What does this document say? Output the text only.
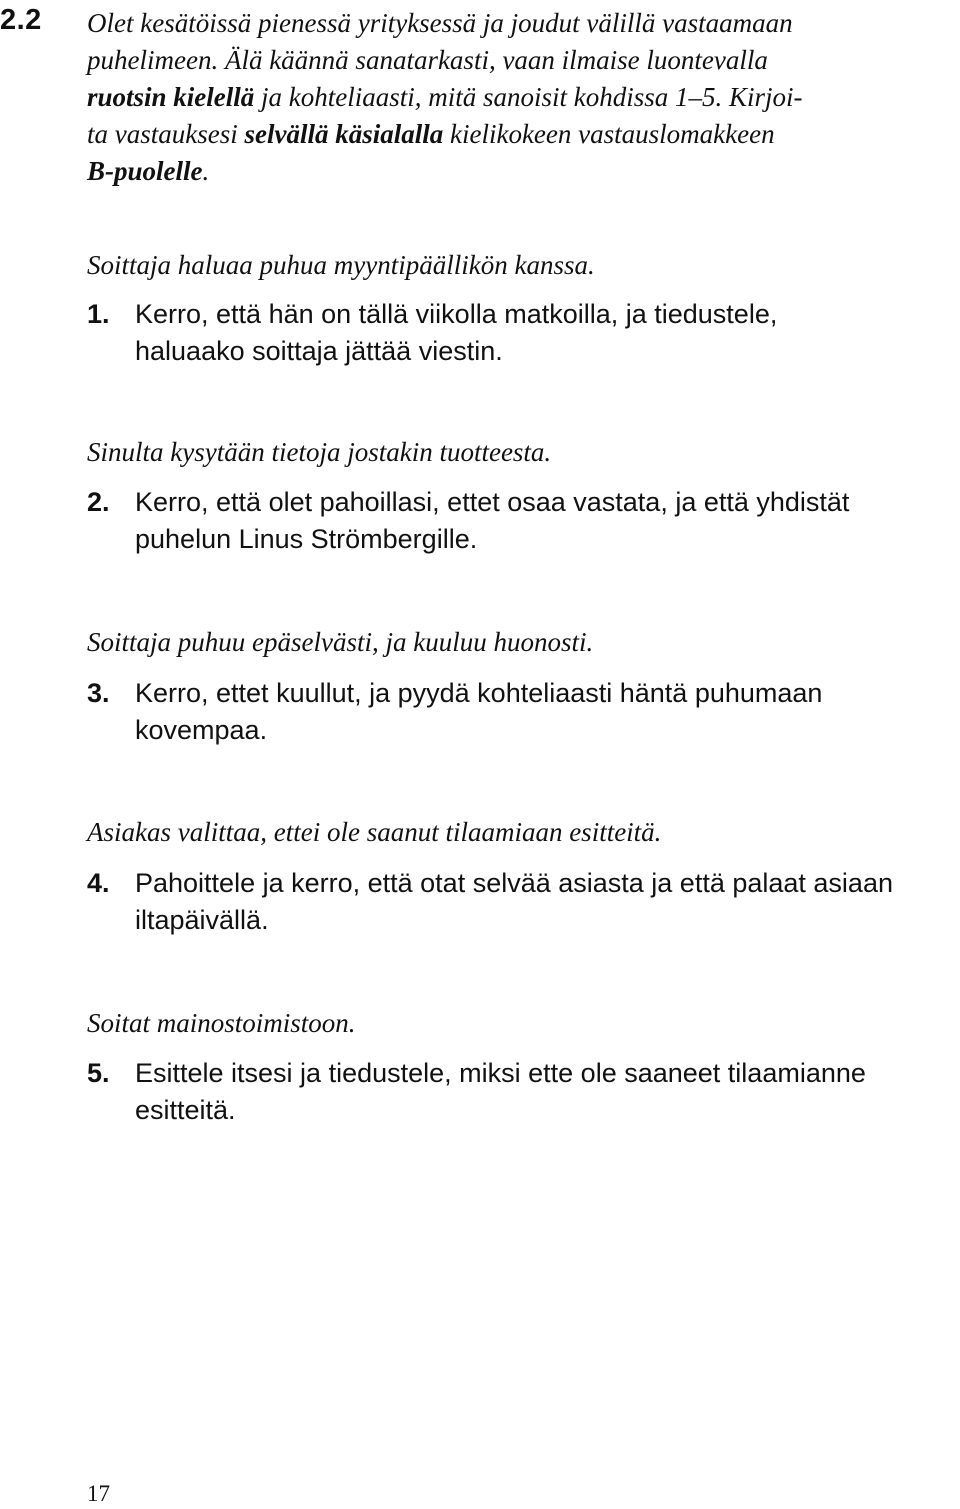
2.2 Olet kesätöissä pienessä yrityksessä ja joudut välillä vastaamaan
puhelimeen. Älä käännä sanatarkasti, vaan ilmaise luontevalla
ruotsin kielellä ja kohteliaasti, mitä sanoisit kohdissa 1–5. Kirjoi-
ta vastauksesi selvällä käsialalla kielikokeen vastauslomakkeen
B-puolelle.
Soittaja haluaa puhua myyntipäällikön kanssa.
1. Kerro, että hän on tällä viikolla matkoilla, ja tiedustele,
haluaako soittaja jättää viestin.
Sinulta kysytään tietoja jostakin tuotteesta.
2. Kerro, että olet pahoillasi, ettet osaa vastata, ja että yhdistät
puhelun Linus Strömbergille.
Soittaja puhuu epäselvästi, ja kuuluu huonosti.
3. Kerro, ettet kuullut, ja pyydä kohteliaasti häntä puhumaan
kovempaa.
Asiakas valittaa, ettei ole saanut tilaamiaan esitteitä.
4. Pahoittele ja kerro, että otat selvää asiasta ja että palaat asiaan
iltapäivällä.
Soitat mainostoimistoon.
5. Esittele itsesi ja tiedustele, miksi ette ole saaneet tilaamianne
esitteitä.
17
